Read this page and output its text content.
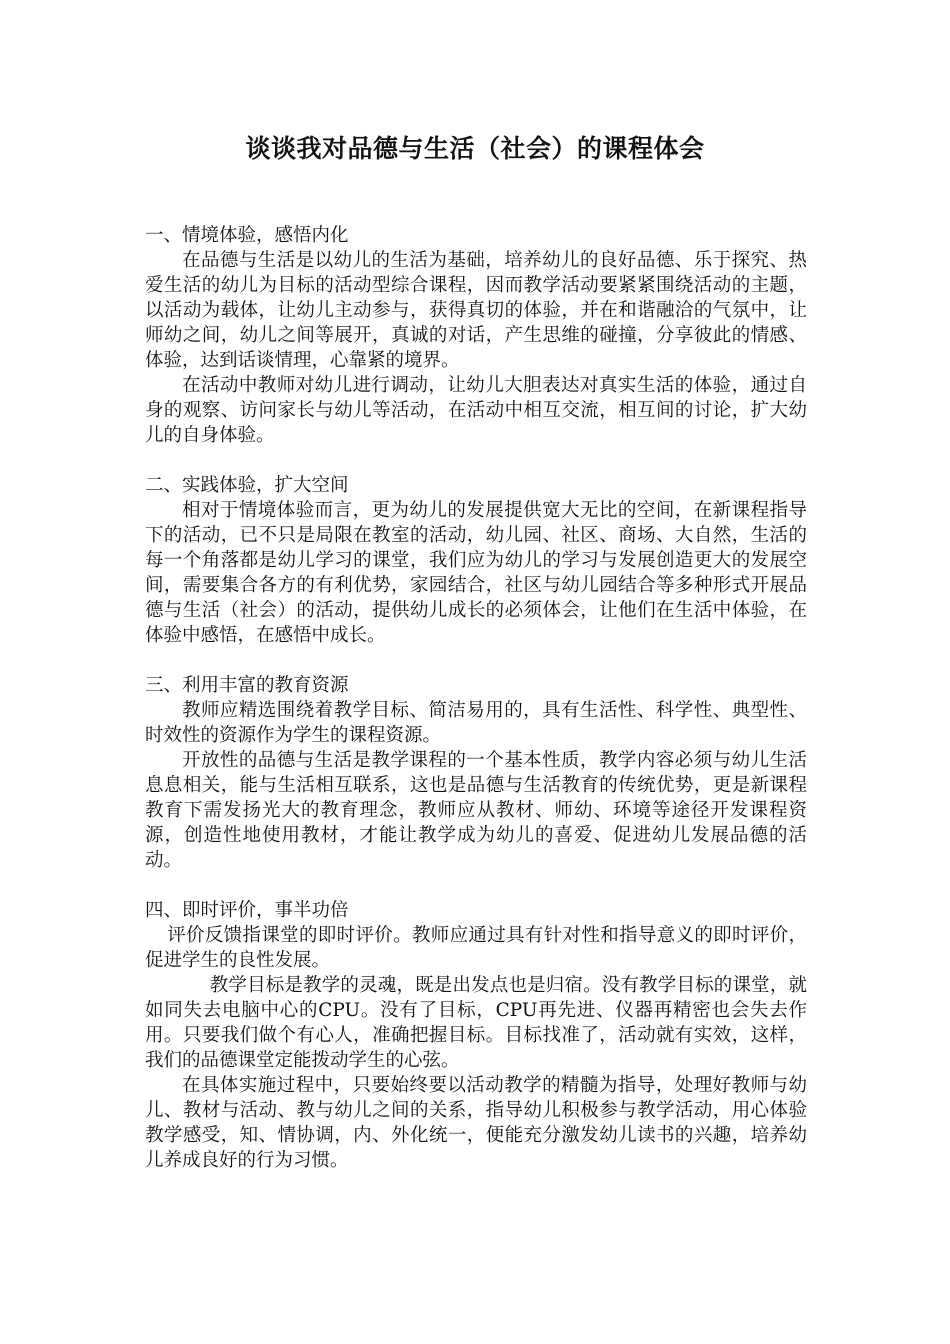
谈谈我对品德与生活（社会）的课程体会

一、情境体验，感悟内化

在品德与生活是以幼儿的生活为基础，培养幼儿的良好品德、乐于探究、热爱生活的幼儿为目标的活动型综合课程，因而教学活动要紧紧围绕活动的主题，以活动为载体，让幼儿主动参与，获得真切的体验，并在和谐融洽的气氛中，让师幼之间，幼儿之间等展开，真诚的对话，产生思维的碰撞，分享彼此的情感、体验，达到话谈情理，心靠紧的境界。

在活动中教师对幼儿进行调动，让幼儿大胆表达对真实生活的体验，通过自身的观察、访问家长与幼儿等活动，在活动中相互交流，相互间的讨论，扩大幼儿的自身体验。

二、实践体验，扩大空间

相对于情境体验而言，更为幼儿的发展提供宽大无比的空间，在新课程指导下的活动，已不只是局限在教室的活动，幼儿园、社区、商场、大自然，生活的每一个角落都是幼儿学习的课堂，我们应为幼儿的学习与发展创造更大的发展空间，需要集合各方的有利优势，家园结合，社区与幼儿园结合等多种形式开展品德与生活（社会）的活动，提供幼儿成长的必须体会，让他们在生活中体验，在体验中感悟，在感悟中成长。

三、利用丰富的教育资源

教师应精选围绕着教学目标、简洁易用的，具有生活性、科学性、典型性、时效性的资源作为学生的课程资源。

开放性的品德与生活是教学课程的一个基本性质，教学内容必须与幼儿生活息息相关，能与生活相互联系，这也是品德与生活教育的传统优势，更是新课程教育下需发扬光大的教育理念，教师应从教材、师幼、环境等途径开发课程资源，创造性地使用教材，才能让教学成为幼儿的喜爱、促进幼儿发展品德的活动。

四、即时评价，事半功倍

评价反馈指课堂的即时评价。教师应通过具有针对性和指导意义的即时评价，促进学生的良性发展。

教学目标是教学的灵魂，既是出发点也是归宿。没有教学目标的课堂，就如同失去电脑中心的CPU。没有了目标，CPU再先进、仪器再精密也会失去作用。只要我们做个有心人，准确把握目标。目标找准了，活动就有实效，这样，我们的品德课堂定能拨动学生的心弦。

在具体实施过程中，只要始终要以活动教学的精髓为指导，处理好教师与幼儿、教材与活动、教与幼儿之间的关系，指导幼儿积极参与教学活动，用心体验教学感受，知、情协调，内、外化统一，便能充分激发幼儿读书的兴趣，培养幼儿养成良好的行为习惯。
